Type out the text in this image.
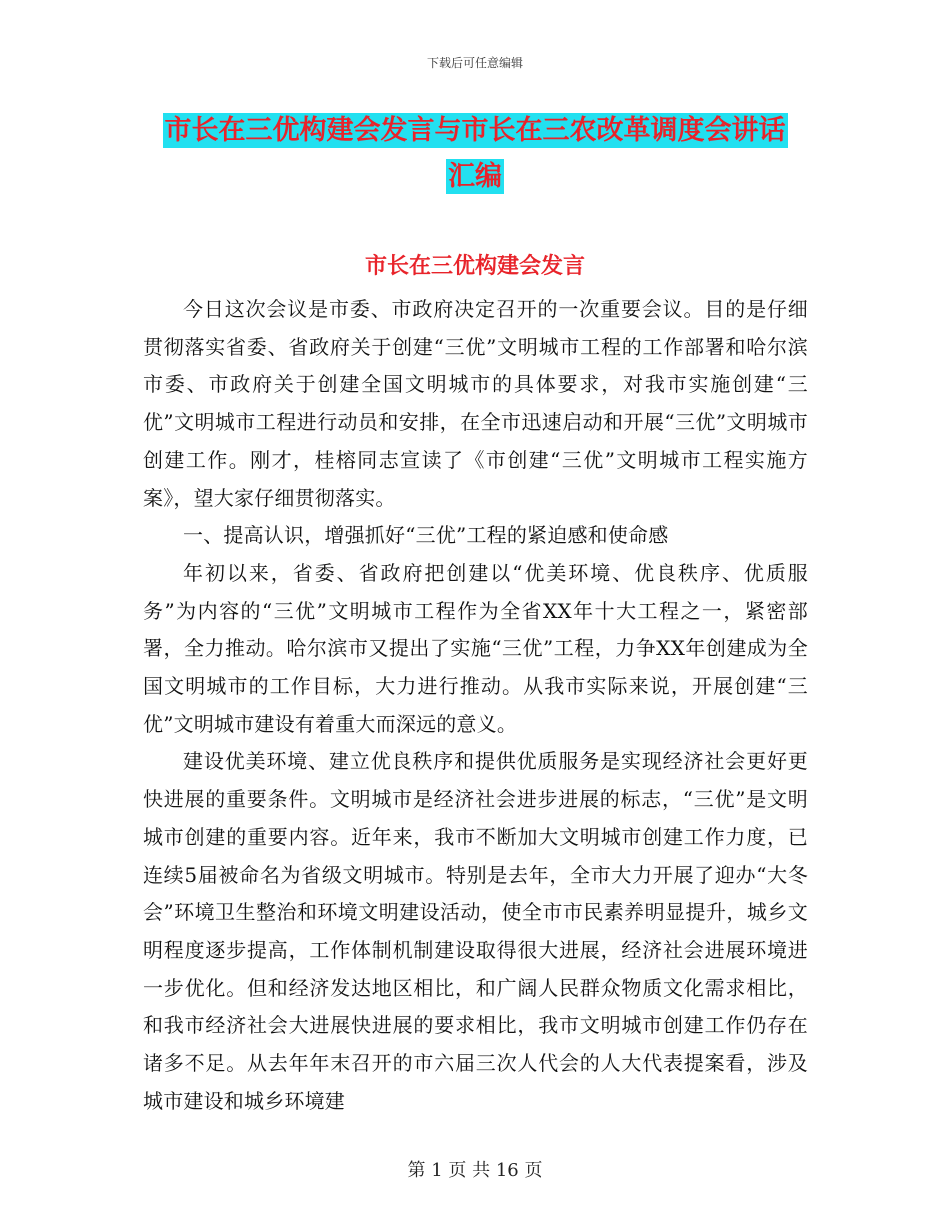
下载后可任意编辑
市长在三优构建会发言与市长在三农改革调度会讲话
汇编
市长在三优构建会发言

今日这次会议是市委、市政府决定召开的一次重要会议。目的是仔细贯彻落实省委、省政府关于创建“三优”文明城市工程的工作部署和哈尔滨市委、市政府关于创建全国文明城市的具体要求，对我市实施创建“三优”文明城市工程进行动员和安排，在全市迅速启动和开展“三优”文明城市创建工作。刚才，桂榕同志宣读了《市创建“三优”文明城市工程实施方案》，望大家仔细贯彻落实。

一、提高认识，增强抓好“三优”工程的紧迫感和使命感

年初以来，省委、省政府把创建以“优美环境、优良秩序、优质服务”为内容的“三优”文明城市工程作为全省XX年十大工程之一，紧密部署，全力推动。哈尔滨市又提出了实施“三优”工程，力争XX年创建成为全国文明城市的工作目标，大力进行推动。从我市实际来说，开展创建“三优”文明城市建设有着重大而深远的意义。

建设优美环境、建立优良秩序和提供优质服务是实现经济社会更好更快进展的重要条件。文明城市是经济社会进步进展的标志，“三优”是文明城市创建的重要内容。近年来，我市不断加大文明城市创建工作力度，已连续5届被命名为省级文明城市。特别是去年，全市大力开展了迎办“大冬会”环境卫生整治和环境文明建设活动，使全市市民素养明显提升，城乡文明程度逐步提高，工作体制机制建设取得很大进展，经济社会进展环境进一步优化。但和经济发达地区相比，和广阔人民群众物质文化需求相比，和我市经济社会大进展快进展的要求相比，我市文明城市创建工作仍存在诸多不足。从去年年末召开的市六届三次人代会的人大代表提案看，涉及城市建设和城乡环境建

第 1 页 共 16 页
